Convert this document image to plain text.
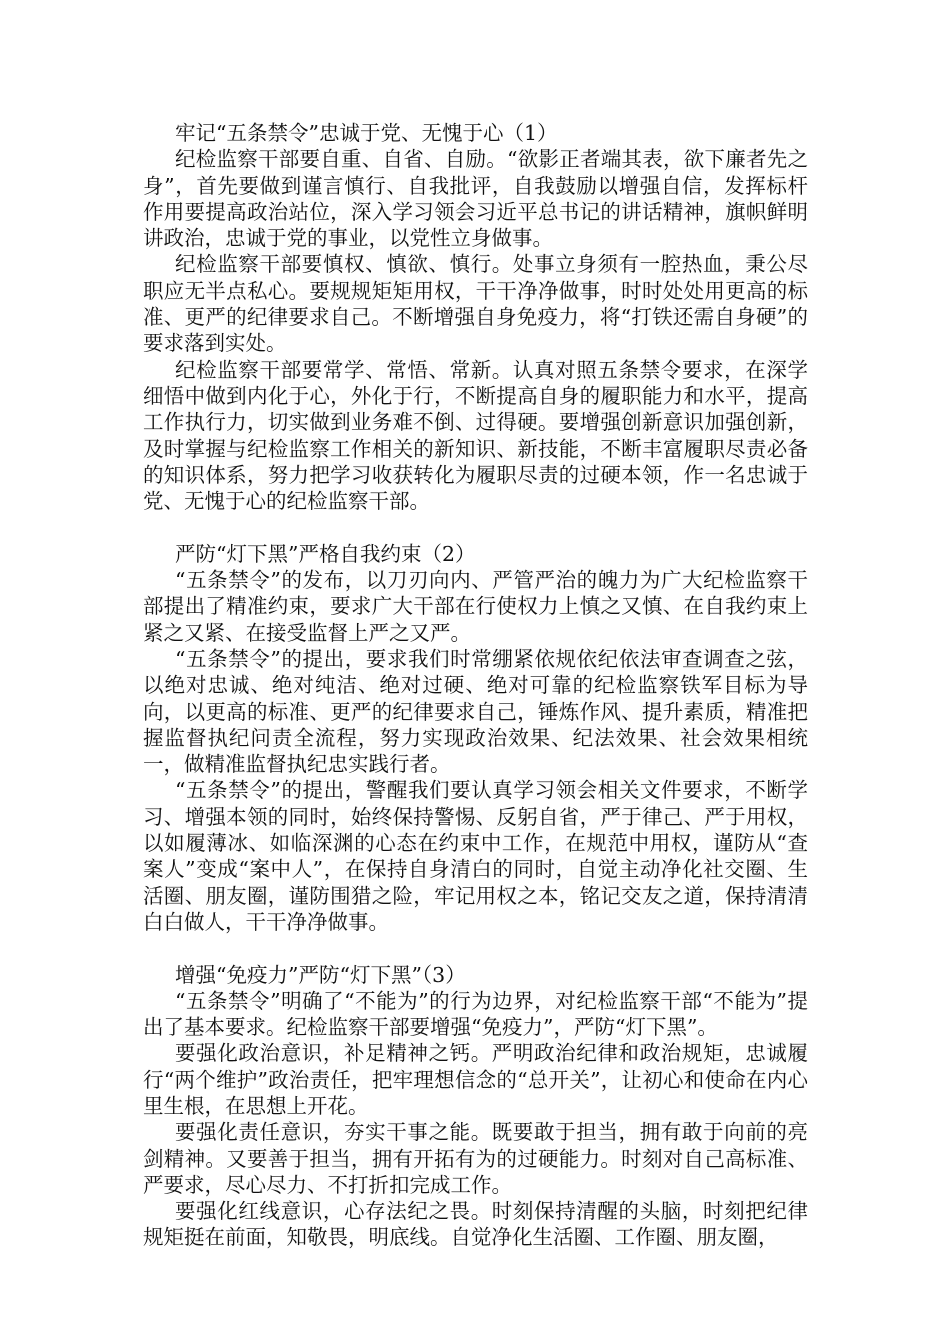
牢记“五条禁令”忠诚于党、无愧于心（1）

纪检监察干部要自重、自省、自励。“欲影正者端其表，欲下廉者先之身”，首先要做到谨言慎行、自我批评，自我鼓励以增强自信，发挥标杆作用要提高政治站位，深入学习领会习近平总书记的讲话精神，旗帜鲜明讲政治，忠诚于党的事业，以党性立身做事。

纪检监察干部要慎权、慎欲、慎行。处事立身须有一腔热血，秉公尽职应无半点私心。要规规矩矩用权，干干净净做事，时时处处用更高的标准、更严的纪律要求自己。不断增强自身免疫力，将“打铁还需自身硬”的要求落到实处。

纪检监察干部要常学、常悟、常新。认真对照五条禁令要求，在深学细悟中做到内化于心，外化于行，不断提高自身的履职能力和水平，提高工作执行力，切实做到业务难不倒、过得硬。要增强创新意识加强创新，及时掌握与纪检监察工作相关的新知识、新技能，不断丰富履职尽责必备的知识体系，努力把学习收获转化为履职尽责的过硬本领，作一名忠诚于党、无愧于心的纪检监察干部。

严防“灯下黑”严格自我约束（2）

“五条禁令”的发布，以刀刃向内、严管严治的魄力为广大纪检监察干部提出了精准约束，要求广大干部在行使权力上慎之又慎、在自我约束上紧之又紧、在接受监督上严之又严。

“五条禁令”的提出，要求我们时常绷紧依规依纪依法审查调查之弦，以绝对忠诚、绝对纯洁、绝对过硬、绝对可靠的纪检监察铁军目标为导向，以更高的标准、更严的纪律要求自己，锤炼作风、提升素质，精准把握监督执纪问责全流程，努力实现政治效果、纪法效果、社会效果相统一，做精准监督执纪忠实践行者。

“五条禁令”的提出，警醒我们要认真学习领会相关文件要求，不断学习、增强本领的同时，始终保持警惕、反躬自省，严于律己、严于用权，以如履薄冰、如临深渊的心态在约束中工作，在规范中用权，谨防从“查案人”变成“案中人”，在保持自身清白的同时，自觉主动净化社交圈、生活圈、朋友圈，谨防围猎之险，牢记用权之本，铭记交友之道，保持清清白白做人，干干净净做事。

增强“免疫力”严防“灯下黑”（3）

“五条禁令”明确了“不能为”的行为边界，对纪检监察干部“不能为”提出了基本要求。纪检监察干部要增强“免疫力”，严防“灯下黑”。

要强化政治意识，补足精神之钙。严明政治纪律和政治规矩，忠诚履行“两个维护”政治责任，把牢理想信念的“总开关”，让初心和使命在内心里生根，在思想上开花。

要强化责任意识，夯实干事之能。既要敢于担当，拥有敢于向前的亮剑精神。又要善于担当，拥有开拓有为的过硬能力。时刻对自己高标准、严要求，尽心尽力、不打折扣完成工作。

要强化红线意识，心存法纪之畏。时刻保持清醒的头脑，时刻把纪律规矩挺在前面，知敬畏，明底线。自觉净化生活圈、工作圈、朋友圈，
